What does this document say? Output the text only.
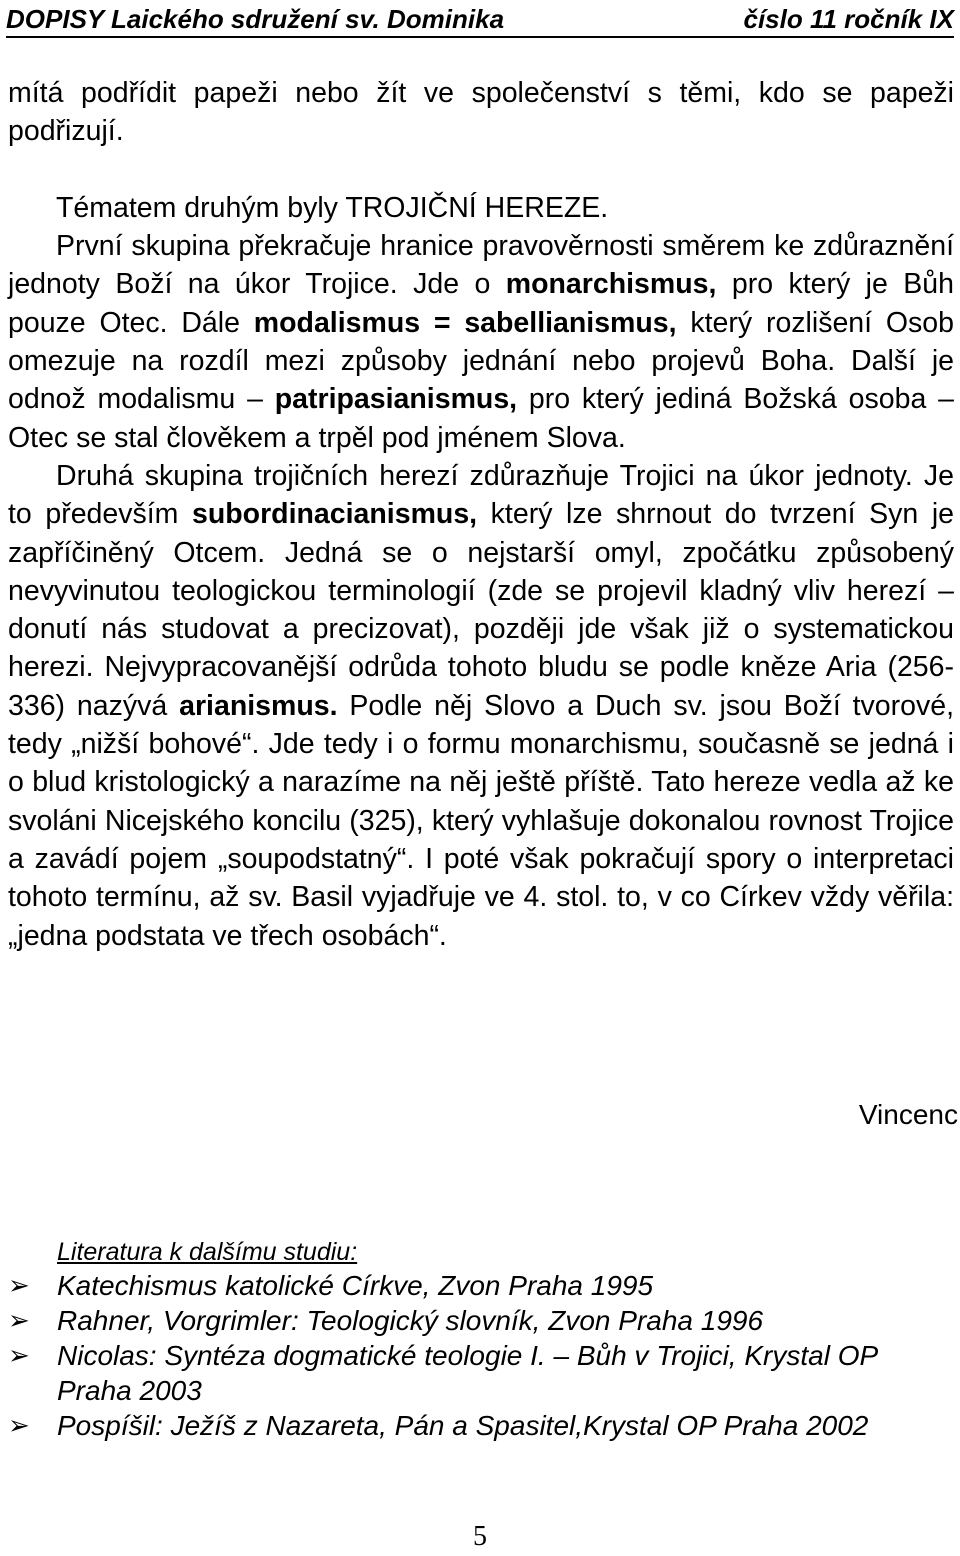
DOPISY Laického sdružení sv. Dominika	číslo 11 ročník IX

mítá podřídit papeži nebo žít ve společenství s těmi, kdo se papeži podřizují.

Tématem druhým byly TROJIČNÍ HEREZE.

První skupina překračuje hranice pravověrnosti směrem ke zdůraznění jednoty Boží na úkor Trojice. Jde o monarchismus, pro který je Bůh pouze Otec. Dále modalismus = sabellianismus, který rozlišení Osob omezuje na rozdíl mezi způsoby jednání nebo projevů Boha. Další je odnož modalismu – patripasianismus, pro který jediná Božská osoba – Otec se stal člověkem a trpěl pod jménem Slova.

Druhá skupina trojičních herezí zdůrazňuje Trojici na úkor jednoty. Je to především subordinacianismus, který lze shrnout do tvrzení Syn je zapříčiněný Otcem. Jedná se o nejstarší omyl, zpočátku způsobený nevyvinutou teologickou terminologií (zde se projevil kladný vliv herezí – donutí nás studovat a precizovat), později jde však již o systematickou herezi. Nejvypracovanější odrůda tohoto bludu se podle kněze Aria (256-336) nazývá arianismus. Podle něj Slovo a Duch sv. jsou Boží tvorové, tedy „nižší bohové“. Jde tedy i o formu monarchismu, současně se jedná i o blud kristologický a narazíme na něj ještě příště. Tato hereze vedla až ke svoláni Nicejského koncilu (325), který vyhlašuje dokonalou rovnost Trojice a zavádí pojem „soupodstatný“. I poté však pokračují spory o interpretaci tohoto termínu, až sv. Basil vyjadřuje ve 4. stol. to, v co Církev vždy věřila: „jedna podstata ve třech osobách“.

Vincenc
Literatura k dalšímu studiu:
➢ Katechismus katolické Církve, Zvon Praha 1995
➢ Rahner, Vorgrimler: Teologický slovník, Zvon Praha 1996
➢ Nicolas: Syntéza dogmatické teologie I. – Bůh v Trojici, Krystal OP Praha 2003
➢ Pospíšil: Ježíš z Nazareta, Pán a Spasitel,Krystal OP Praha 2002
5
